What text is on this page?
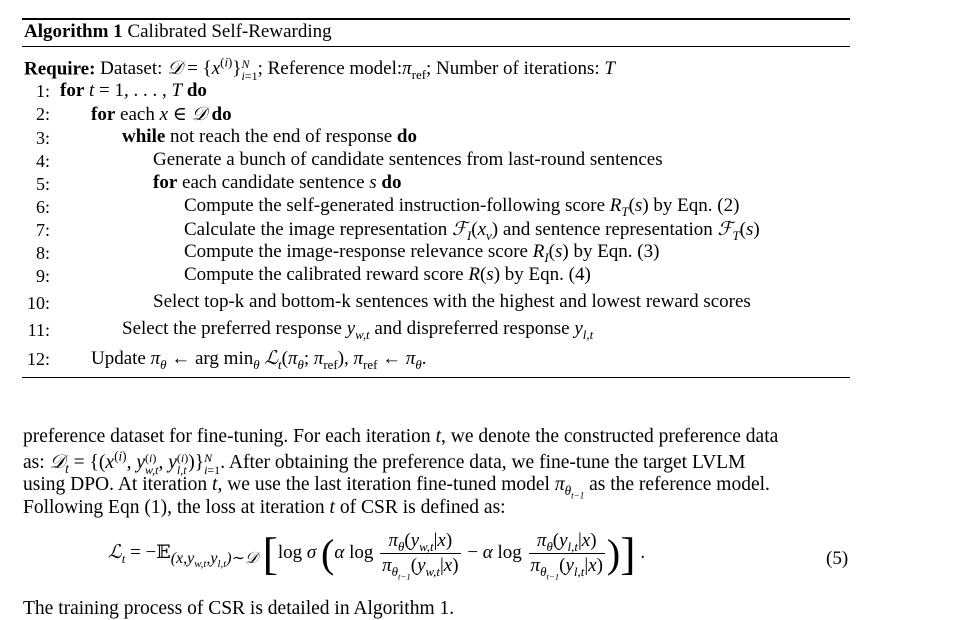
Algorithm 1 Calibrated Self-Rewarding
Require: Dataset: 𝒟 = $\{x^{(i)}\}$ N
i=1 ; Reference $model:\pi_{ref}$; Number of iterations: T
1: for t = 1, . . . , T do
2: for each x ∈ 𝒟 do
3:	while not reach the end of response do
4:	Generate a bunch of candidate sentences from last-round sentences
5:	for each candidate sentence s do
6:	Compute the self-generated instruction-following score $R_T(s)$ by Eqn. (2)
7:	Calculate the image representation $ℱ_I(x_v)$ and sentence representation ℱ$_T$(s)
8:	Compute the image-response relevance score $R_I(s)$ by Eqn. (3)
9:	Compute the calibrated reward score R(s) by Eqn. (4)
10:	Select top-k and bottom-k sentences with the highest and lowest reward scores
11:	Select the preferred response $y_{w,t}$ and dispreferred response $y_{l,t}$
12: Update $\pi_\theta$ ← arg $\min_\theta$ $ℒ_t(\pi_\theta$; $\pi_{ref}$), $\pi_{ref}$ ← $\pi_\theta$.
preference dataset for fine-tuning. For each iteration t, we denote the constructed preference data
as: 𝒟$_t$ = {($x^{(i)}$, y (i)
w,t , y (i)
l,t )} N
i=1 . After obtaining the preference data, we fine-tune the target LVLM
using DPO. At iteration t, we use the last iteration fine-tuned model $\pi_{\theta_{t-1}}$ as the reference model.
Following Eqn (1), the loss at iteration t of CSR is defined as:
ℒ$_t$ = −𝔼$_{(x,y_{w,t},y_{l,t})\sim 𝒟}$ [log σ (α $\log \frac{\pi_\theta(y_{w,t}|x)}{\pi_{\theta_{t-1}}(y_{w,t}|x)} - \alpha$ $\log \frac{\pi_\theta(y_{l,t}|x)}{\pi_{\theta_{t-1}}(y_{l,t}|x)}$ )] .	(5)
The training process of CSR is detailed in Algorithm 1.
